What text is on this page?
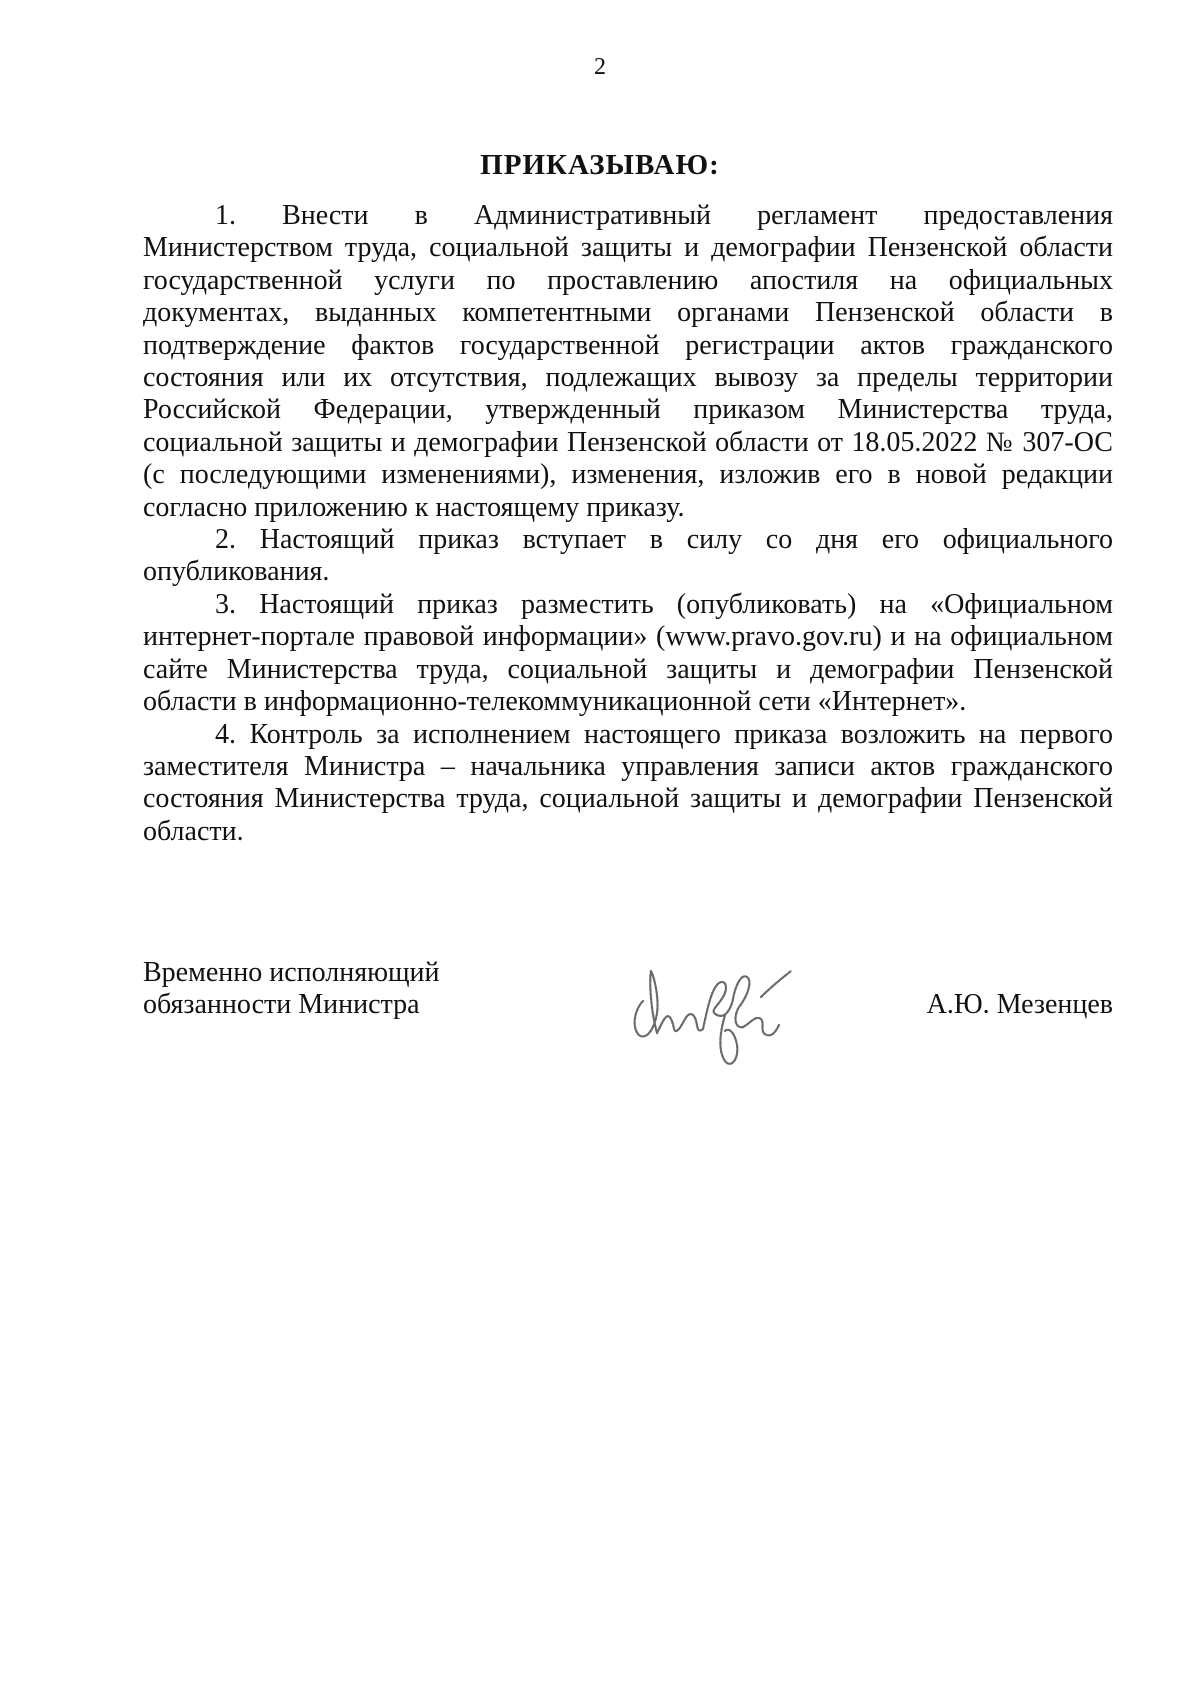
2
ПРИКАЗЫВАЮ:

1. Внести в Административный регламент предоставления Министерством труда, социальной защиты и демографии Пензенской области государственной услуги по проставлению апостиля на официальных документах, выданных компетентными органами Пензенской области в подтверждение фактов государственной регистрации актов гражданского состояния или их отсутствия, подлежащих вывозу за пределы территории Российской Федерации, утвержденный приказом Министерства труда, социальной защиты и демографии Пензенской области от 18.05.2022 № 307-ОС (с последующими изменениями), изменения, изложив его в новой редакции согласно приложению к настоящему приказу.

2. Настоящий приказ вступает в силу со дня его официального опубликования.

3. Настоящий приказ разместить (опубликовать) на «Официальном интернет-портале правовой информации» (www.pravo.gov.ru) и на официальном сайте Министерства труда, социальной защиты и демографии Пензенской области в информационно-телекоммуникационной сети «Интернет».

4. Контроль за исполнением настоящего приказа возложить на первого заместителя Министра – начальника управления записи актов гражданского состояния Министерства труда, социальной защиты и демографии Пензенской области.

Временно исполняющий
обязанности Министра	А.Ю. Мезенцев
